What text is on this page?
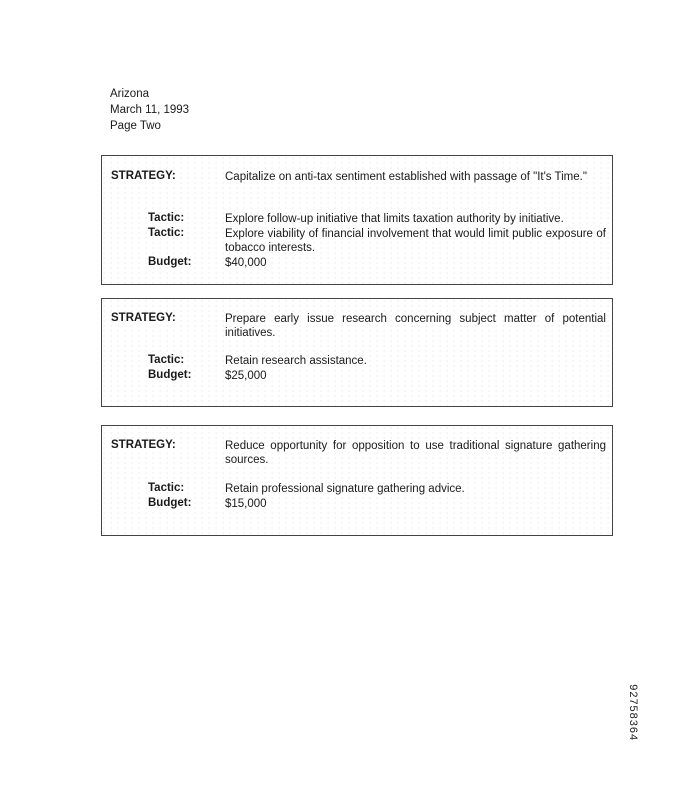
Arizona
March 11, 1993
Page Two
STRATEGY:	Capitalize on anti-tax sentiment established with passage of "It's Time."
Tactic:	Explore follow-up initiative that limits taxation authority by initiative.
Tactic:	Explore viability of financial involvement that would limit public exposure of tobacco interests.
Budget:	$40,000
STRATEGY:	Prepare early issue research concerning subject matter of potential initiatives.
Tactic:	Retain research assistance.
Budget:	$25,000
STRATEGY:	Reduce opportunity for opposition to use traditional signature gathering sources.
Tactic:	Retain professional signature gathering advice.
Budget:	$15,000
92758364
